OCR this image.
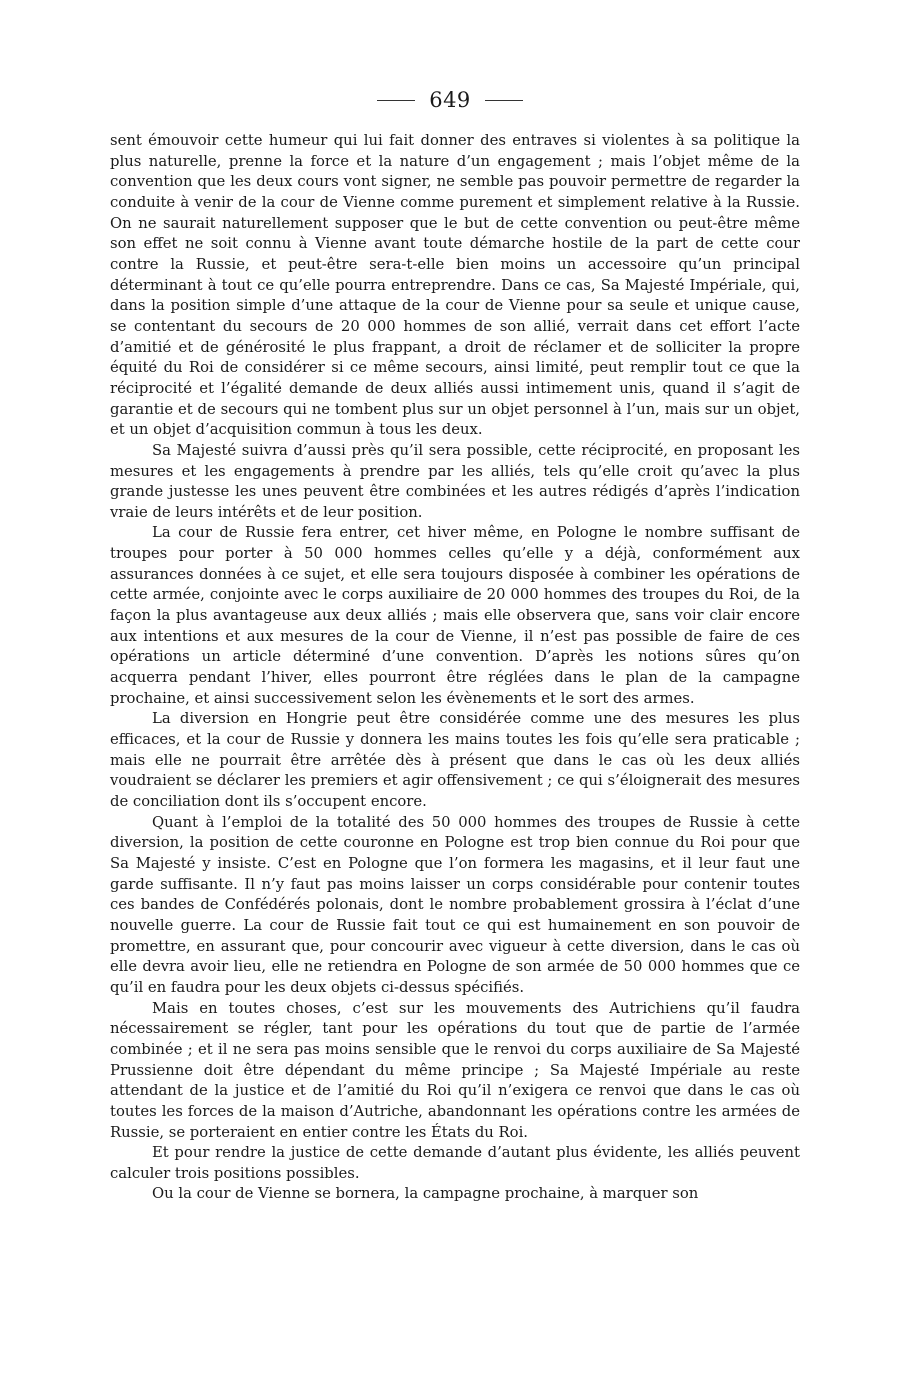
649

sent émouvoir cette humeur qui lui fait donner des entraves si violentes à sa politique la plus naturelle, prenne la force et la nature d’un engagement ; mais l’objet même de la convention que les deux cours vont signer, ne semble pas pouvoir permettre de regarder la conduite à venir de la cour de Vienne comme purement et simplement relative à la Russie. On ne saurait naturellement supposer que le but de cette convention ou peut-être même son effet ne soit connu à Vienne avant toute démarche hostile de la part de cette cour contre la Russie, et peut-être sera-t-elle bien moins un accessoire qu’un principal déterminant à tout ce qu’elle pourra entreprendre. Dans ce cas, Sa Majesté Impériale, qui, dans la position simple d’une attaque de la cour de Vienne pour sa seule et unique cause, se contentant du secours de 20 000 hommes de son allié, verrait dans cet effort l’acte d’amitié et de générosité le plus frappant, a droit de réclamer et de solliciter la propre équité du Roi de considérer si ce même secours, ainsi limité, peut remplir tout ce que la réciprocité et l’égalité demande de deux alliés aussi intimement unis, quand il s’agit de garantie et de secours qui ne tombent plus sur un objet personnel à l’un, mais sur un objet, et un objet d’acquisition commun à tous les deux.

Sa Majesté suivra d’aussi près qu’il sera possible, cette réciprocité, en proposant les mesures et les engagements à prendre par les alliés, tels qu’elle croit qu’avec la plus grande justesse les unes peuvent être combinées et les autres rédigés d’après l’indication vraie de leurs intérêts et de leur position.

La cour de Russie fera entrer, cet hiver même, en Pologne le nombre suffisant de troupes pour porter à 50 000 hommes celles qu’elle y a déjà, conformément aux assurances données à ce sujet, et elle sera toujours disposée à combiner les opérations de cette armée, conjointe avec le corps auxiliaire de 20 000 hommes des troupes du Roi, de la façon la plus avantageuse aux deux alliés ; mais elle observera que, sans voir clair encore aux intentions et aux mesures de la cour de Vienne, il n’est pas possible de faire de ces opérations un article déterminé d’une convention. D’après les notions sûres qu’on acquerra pendant l’hiver, elles pourront être réglées dans le plan de la campagne prochaine, et ainsi successivement selon les évènements et le sort des armes.

La diversion en Hongrie peut être considérée comme une des mesures les plus efficaces, et la cour de Russie y donnera les mains toutes les fois qu’elle sera praticable ; mais elle ne pourrait être arrêtée dès à présent que dans le cas où les deux alliés voudraient se déclarer les premiers et agir offensivement ; ce qui s’éloignerait des mesures de conciliation dont ils s’occupent encore.

Quant à l’emploi de la totalité des 50 000 hommes des troupes de Russie à cette diversion, la position de cette couronne en Pologne est trop bien connue du Roi pour que Sa Majesté y insiste. C’est en Pologne que l’on formera les magasins, et il leur faut une garde suffisante. Il n’y faut pas moins laisser un corps considérable pour contenir toutes ces bandes de Confédérés polonais, dont le nombre probablement grossira à l’éclat d’une nouvelle guerre. La cour de Russie fait tout ce qui est humainement en son pouvoir de promettre, en assurant que, pour concourir avec vigueur à cette diversion, dans le cas où elle devra avoir lieu, elle ne retiendra en Pologne de son armée de 50 000 hommes que ce qu’il en faudra pour les deux objets ci-dessus spécifiés.

Mais en toutes choses, c’est sur les mouvements des Autrichiens qu’il faudra nécessairement se régler, tant pour les opérations du tout que de partie de l’armée combinée ; et il ne sera pas moins sensible que le renvoi du corps auxiliaire de Sa Majesté Prussienne doit être dépendant du même principe ; Sa Majesté Impériale au reste attendant de la justice et de l’amitié du Roi qu’il n’exigera ce renvoi que dans le cas où toutes les forces de la maison d’Autriche, abandonnant les opérations contre les armées de Russie, se porteraient en entier contre les États du Roi.

Et pour rendre la justice de cette demande d’autant plus évidente, les alliés peuvent calculer trois positions possibles.

Ou la cour de Vienne se bornera, la campagne prochaine, à marquer son
